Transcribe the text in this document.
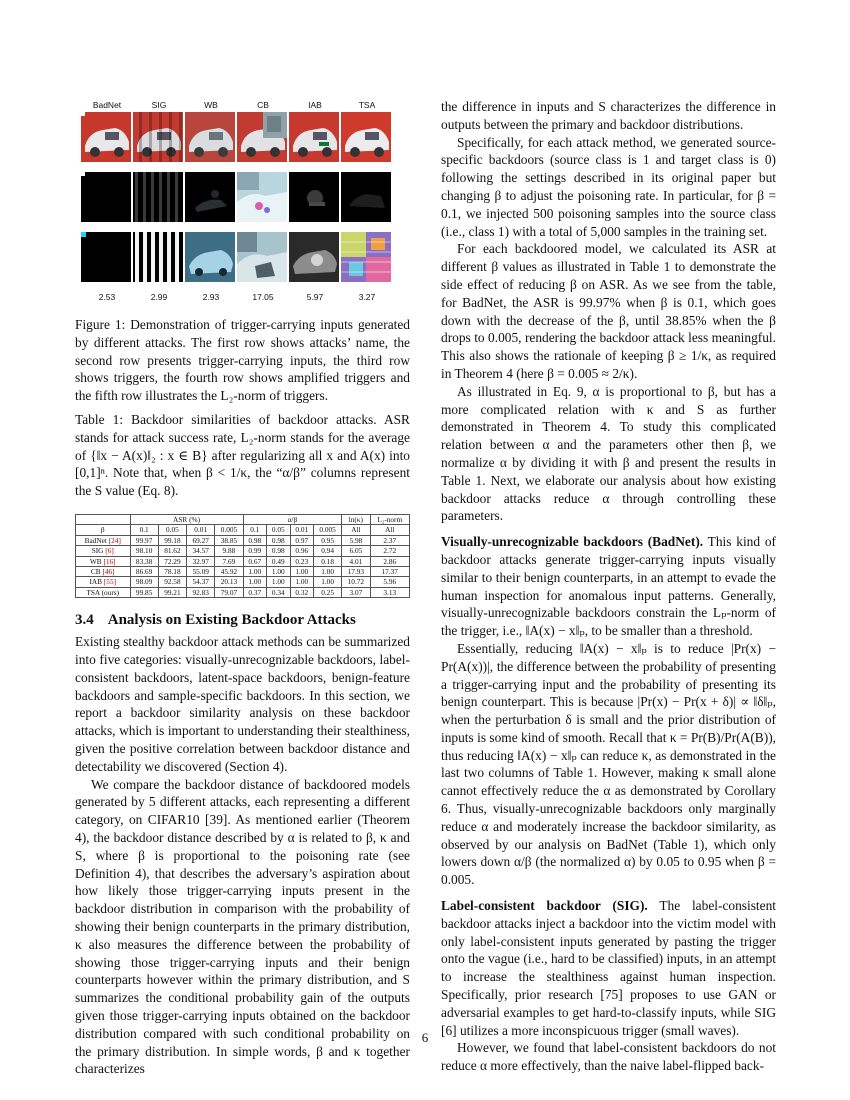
BadNet	SIG	WB	CB	IAB	TSA
2.53	2.99	2.93	17.05	5.97	3.27

Figure 1: Demonstration of trigger-carrying inputs generated by different attacks. The first row shows attacks’ name, the second row presents trigger-carrying inputs, the third row shows triggers, the fourth row shows amplified triggers and the fifth row illustrates the L₂-norm of triggers.

Table 1: Backdoor similarities of backdoor attacks. ASR stands for attack success rate, L₂-norm stands for the average of {‖x − A(x)‖₂ : x ∈ B} after regularizing all x and A(x) into [0,1]ⁿ. Note that, when β < 1/κ, the “α/β” columns represent the S value (Eq. 8).

	ASR (%)				α/β				ln(κ)	L₂-norm
β	0.1	0.05	0.01	0.005	0.1	0.05	0.01	0.005	All	All
BadNet [24]	99.97	99.18	69.27	38.85	0.98	0.98	0.97	0.95	5.98	2.37
SIG [6]	98.10	81.62	34.57	9.88	0.99	0.98	0.96	0.94	6.05	2.72
WB [16]	83.38	72.29	32.97	7.69	0.67	0.49	0.23	0.18	4.01	2.86
CB [46]	86.69	78.18	55.09	45.92	1.00	1.00	1.00	1.00	17.93	17.37
IAB [55]	98.09	92.58	54.37	20.13	1.00	1.00	1.00	1.00	10.72	5.96
TSA (ours)	99.85	99.21	92.83	79.07	0.37	0.34	0.32	0.25	3.07	3.13
3.4 Analysis on Existing Backdoor Attacks

Existing stealthy backdoor attack methods can be summarized into five categories: visually-unrecognizable backdoors, label-consistent backdoors, latent-space backdoors, benign-feature backdoors and sample-specific backdoors. In this section, we report a backdoor similarity analysis on these backdoor attacks, which is important to understanding their stealthiness, given the positive correlation between backdoor distance and detectability we discovered (Section 4).

We compare the backdoor distance of backdoored models generated by 5 different attacks, each representing a different category, on CIFAR10 [39]. As mentioned earlier (Theorem 4), the backdoor distance described by α is related to β, κ and S, where β is proportional to the poisoning rate (see Definition 4), that describes the adversary’s aspiration about how likely those trigger-carrying inputs present in the backdoor distribution in comparison with the probability of showing their benign counterparts in the primary distribution, κ also measures the difference between the probability of showing those trigger-carrying inputs and their benign counterparts however within the primary distribution, and S summarizes the conditional probability gain of the outputs given those trigger-carrying inputs obtained on the backdoor distribution compared with such conditional probability on the primary distribution. In simple words, β and κ together characterizes

the difference in inputs and S characterizes the difference in outputs between the primary and backdoor distributions.

Specifically, for each attack method, we generated source-specific backdoors (source class is 1 and target class is 0) following the settings described in its original paper but changing β to adjust the poisoning rate. In particular, for β = 0.1, we injected 500 poisoning samples into the source class (i.e., class 1) with a total of 5,000 samples in the training set.

For each backdoored model, we calculated its ASR at different β values as illustrated in Table 1 to demonstrate the side effect of reducing β on ASR. As we see from the table, for BadNet, the ASR is 99.97% when β is 0.1, which goes down with the decrease of the β, until 38.85% when the β drops to 0.005, rendering the backdoor attack less meaningful. This also shows the rationale of keeping β ≥ 1/κ, as required in Theorem 4 (here β = 0.005 ≈ 2/κ).

As illustrated in Eq. 9, α is proportional to β, but has a more complicated relation with κ and S as further demonstrated in Theorem 4. To study this complicated relation between α and the parameters other then β, we normalize α by dividing it with β and present the results in Table 1. Next, we elaborate our analysis about how existing backdoor attacks reduce α through controlling these parameters.

Visually-unrecognizable backdoors (BadNet). This kind of backdoor attacks generate trigger-carrying inputs visually similar to their benign counterparts, in an attempt to evade the human inspection for anomalous input patterns. Generally, visually-unrecognizable backdoors constrain the Lₚ-norm of the trigger, i.e., ‖A(x) − x‖ₚ, to be smaller than a threshold.

Essentially, reducing ‖A(x) − x‖ₚ is to reduce |Pr(x) − Pr(A(x))|, the difference between the probability of presenting a trigger-carrying input and the probability of presenting its benign counterpart. This is because |Pr(x) − Pr(x + δ)| ∝ ‖δ‖ₚ, when the perturbation δ is small and the prior distribution of inputs is some kind of smooth. Recall that κ = Pr(B)/Pr(A(B)), thus reducing ‖A(x) − x‖ₚ can reduce κ, as demonstrated in the last two columns of Table 1. However, making κ small alone cannot effectively reduce the α as demonstrated by Corollary 6. Thus, visually-unrecognizable backdoors only marginally reduce α and moderately increase the backdoor similarity, as observed by our analysis on BadNet (Table 1), which only lowers down α/β (the normalized α) by 0.05 to 0.95 when β = 0.005.

Label-consistent backdoor (SIG). The label-consistent backdoor attacks inject a backdoor into the victim model with only label-consistent inputs generated by pasting the trigger onto the vague (i.e., hard to be classified) inputs, in an attempt to increase the stealthiness against human inspection. Specifically, prior research [75] proposes to use GAN or adversarial examples to get hard-to-classify inputs, while SIG [6] utilizes a more inconspicuous trigger (small waves).

However, we found that label-consistent backdoors do not reduce α more effectively, than the naive label-flipped back-

6
